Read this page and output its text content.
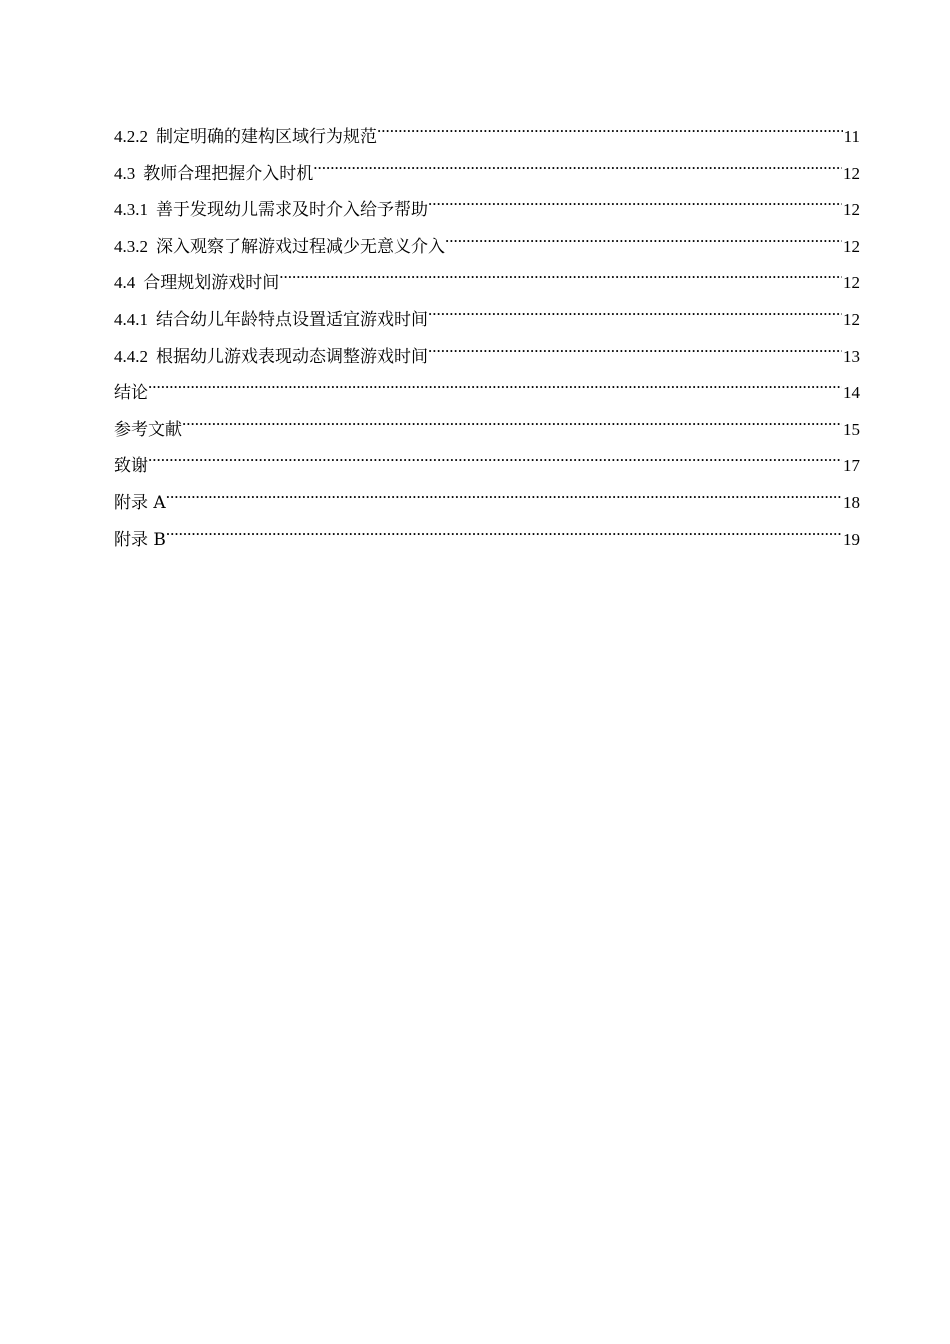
4.2.2 制定明确的建构区域行为规范 .....	11
4.3 教师合理把握介入时机 .....	12
4.3.1 善于发现幼儿需求及时介入给予帮助 .....	12
4.3.2 深入观察了解游戏过程减少无意义介入 .....	12
4.4 合理规划游戏时间 .....	12
4.4.1 结合幼儿年龄特点设置适宜游戏时间 .....	12
4.4.2 根据幼儿游戏表现动态调整游戏时间 .....	13
结论 .....	14
参考文献 .....	15
致谢 .....	17
附录 A .....	18
附录 B .....	19
